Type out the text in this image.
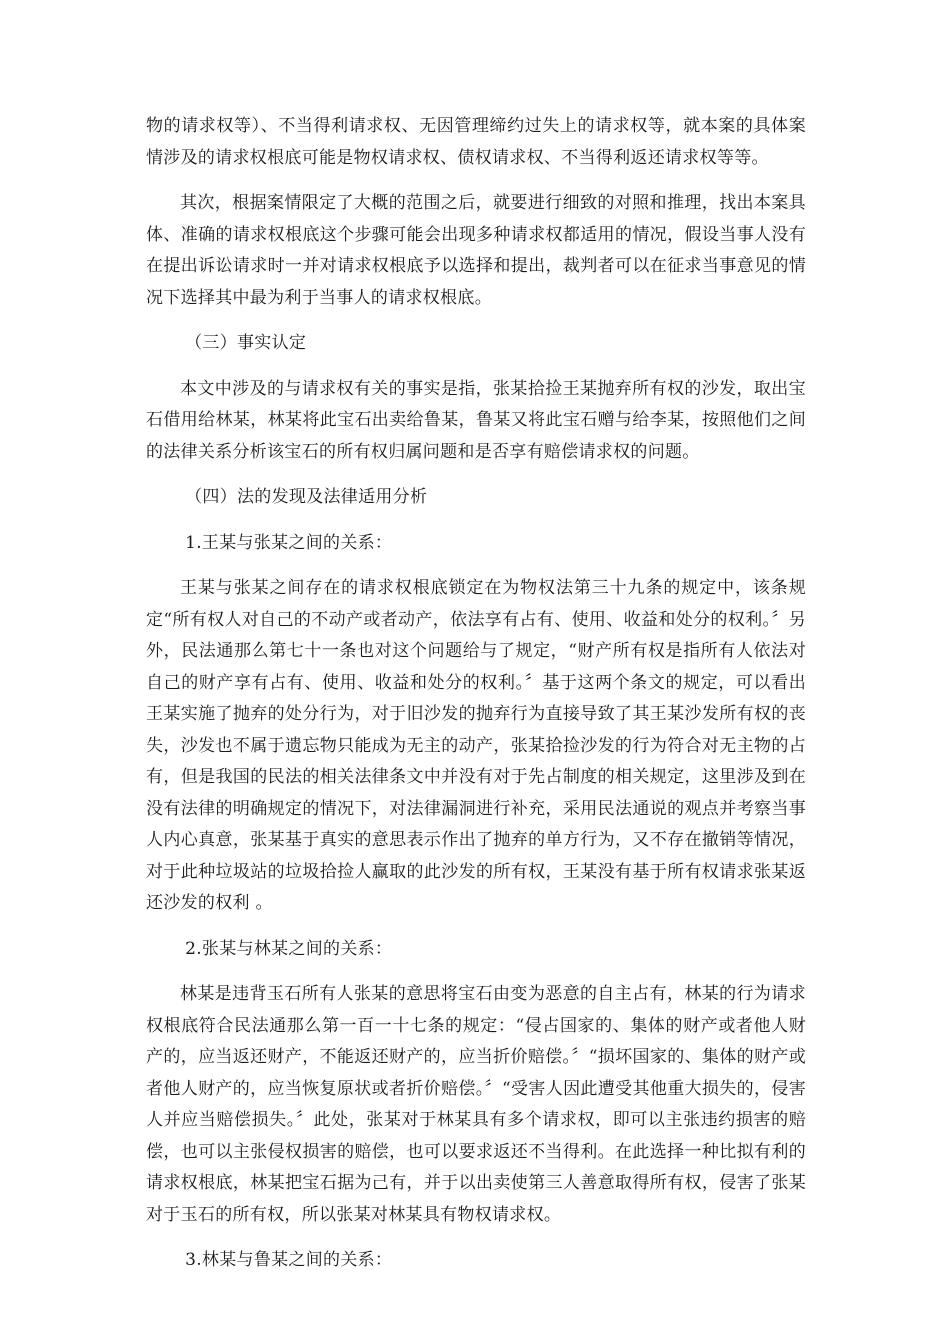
物的请求权等）、不当得利请求权、无因管理缔约过失上的请求权等，就本案的具体案情涉及的请求权根底可能是物权请求权、债权请求权、不当得利返还请求权等等。

其次，根据案情限定了大概的范围之后，就要进行细致的对照和推理，找出本案具体、准确的请求权根底这个步骤可能会出现多种请求权都适用的情况，假设当事人没有在提出诉讼请求时一并对请求权根底予以选择和提出，裁判者可以在征求当事意见的情况下选择其中最为利于当事人的请求权根底。

（三）事实认定

本文中涉及的与请求权有关的事实是指，张某拾捡王某抛弃所有权的沙发，取出宝石借用给林某，林某将此宝石出卖给鲁某，鲁某又将此宝石赠与给李某，按照他们之间的法律关系分析该宝石的所有权归属问题和是否享有赔偿请求权的问题。

（四）法的发现及法律适用分析

1.王某与张某之间的关系：

王某与张某之间存在的请求权根底锁定在为物权法第三十九条的规定中，该条规定“所有权人对自己的不动产或者动产，依法享有占有、使用、收益和处分的权利。〞另外，民法通那么第七十一条也对这个问题给与了规定，“财产所有权是指所有人依法对自己的财产享有占有、使用、收益和处分的权利。〞基于这两个条文的规定，可以看出王某实施了抛弃的处分行为，对于旧沙发的抛弃行为直接导致了其王某沙发所有权的丧失，沙发也不属于遗忘物只能成为无主的动产，张某拾捡沙发的行为符合对无主物的占有，但是我国的民法的相关法律条文中并没有对于先占制度的相关规定，这里涉及到在没有法律的明确规定的情况下，对法律漏洞进行补充，采用民法通说的观点并考察当事人内心真意，张某基于真实的意思表示作出了抛弃的单方行为，又不存在撤销等情况，对于此种垃圾站的垃圾拾捡人赢取的此沙发的所有权，王某没有基于所有权请求张某返还沙发的权利 。

2.张某与林某之间的关系：

林某是违背玉石所有人张某的意思将宝石由变为恶意的自主占有，林某的行为请求权根底符合民法通那么第一百一十七条的规定：“侵占国家的、集体的财产或者他人财产的，应当返还财产，不能返还财产的，应当折价赔偿。〞“损坏国家的、集体的财产或者他人财产的，应当恢复原状或者折价赔偿。〞“受害人因此遭受其他重大损失的，侵害人并应当赔偿损失。〞此处，张某对于林某具有多个请求权，即可以主张违约损害的赔偿，也可以主张侵权损害的赔偿，也可以要求返还不当得利。在此选择一种比拟有利的请求权根底，林某把宝石据为己有，并于以出卖使第三人善意取得所有权，侵害了张某对于玉石的所有权，所以张某对林某具有物权请求权。

3.林某与鲁某之间的关系：
